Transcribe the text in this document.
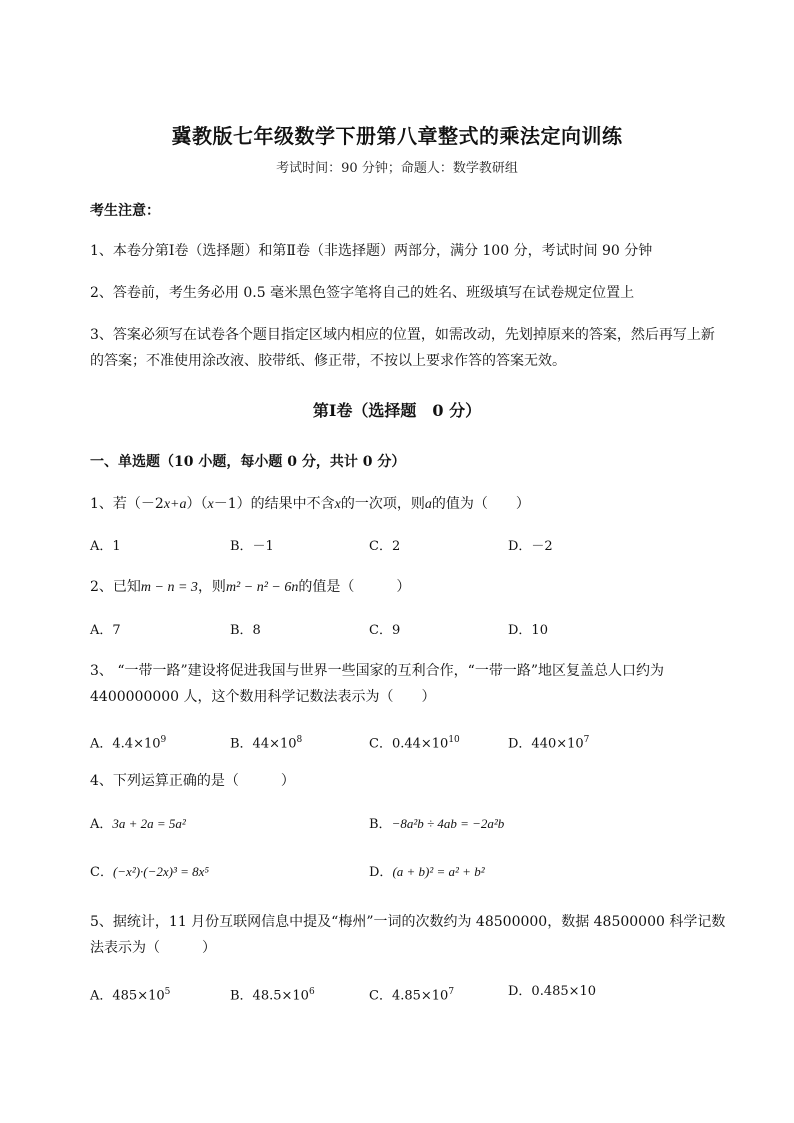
冀教版七年级数学下册第八章整式的乘法定向训练
考试时间：90 分钟；命题人：数学教研组
考生注意：
1、本卷分第Ⅰ卷（选择题）和第Ⅱ卷（非选择题）两部分，满分 100 分，考试时间 90 分钟
2、答卷前，考生务必用 0.5 毫米黑色签字笔将自己的姓名、班级填写在试卷规定位置上
3、答案必须写在试卷各个题目指定区域内相应的位置，如需改动，先划掉原来的答案，然后再写上新
的答案；不准使用涂改液、胶带纸、修正带，不按以上要求作答的答案无效。
第Ⅰ卷（选择题　0 分）
一、单选题（10 小题，每小题 0 分，共计 0 分）
1、若（－2x+a）（x－1）的结果中不含x的一次项，则a的值为（　　）
A．1	B．－1	C．2	D．－2
2、已知m − n = 3，则m² − n² − 6n的值是（　　　）
A．7	B．8	C．9	D．10
3、 “一带一路”建设将促进我国与世界一些国家的互利合作，“一带一路”地区复盖总人口约为
4400000000 人，这个数用科学记数法表示为（　　）
A．$4.4\times 10^9$	B．$44\times 10^8$	C．$0.44\times 10^{10}$	D．$440\times 10^7$
4、下列运算正确的是（　　　）
A．3a + 2a = 5a²	B．−8a²b ÷ 4ab = −2a²b
C．(−x²)·(−2x)³ = 8x⁵	D．(a + b)² = a² + b²
5、据统计，11 月份互联网信息中提及“梅州”一词的次数约为 48500000，数据 48500000 科学记数
法表示为（　　　）
A．$485\times 10^5$	B．$48.5\times 10^6$	C．$4.85\times 10^7$	D．0.485×10
